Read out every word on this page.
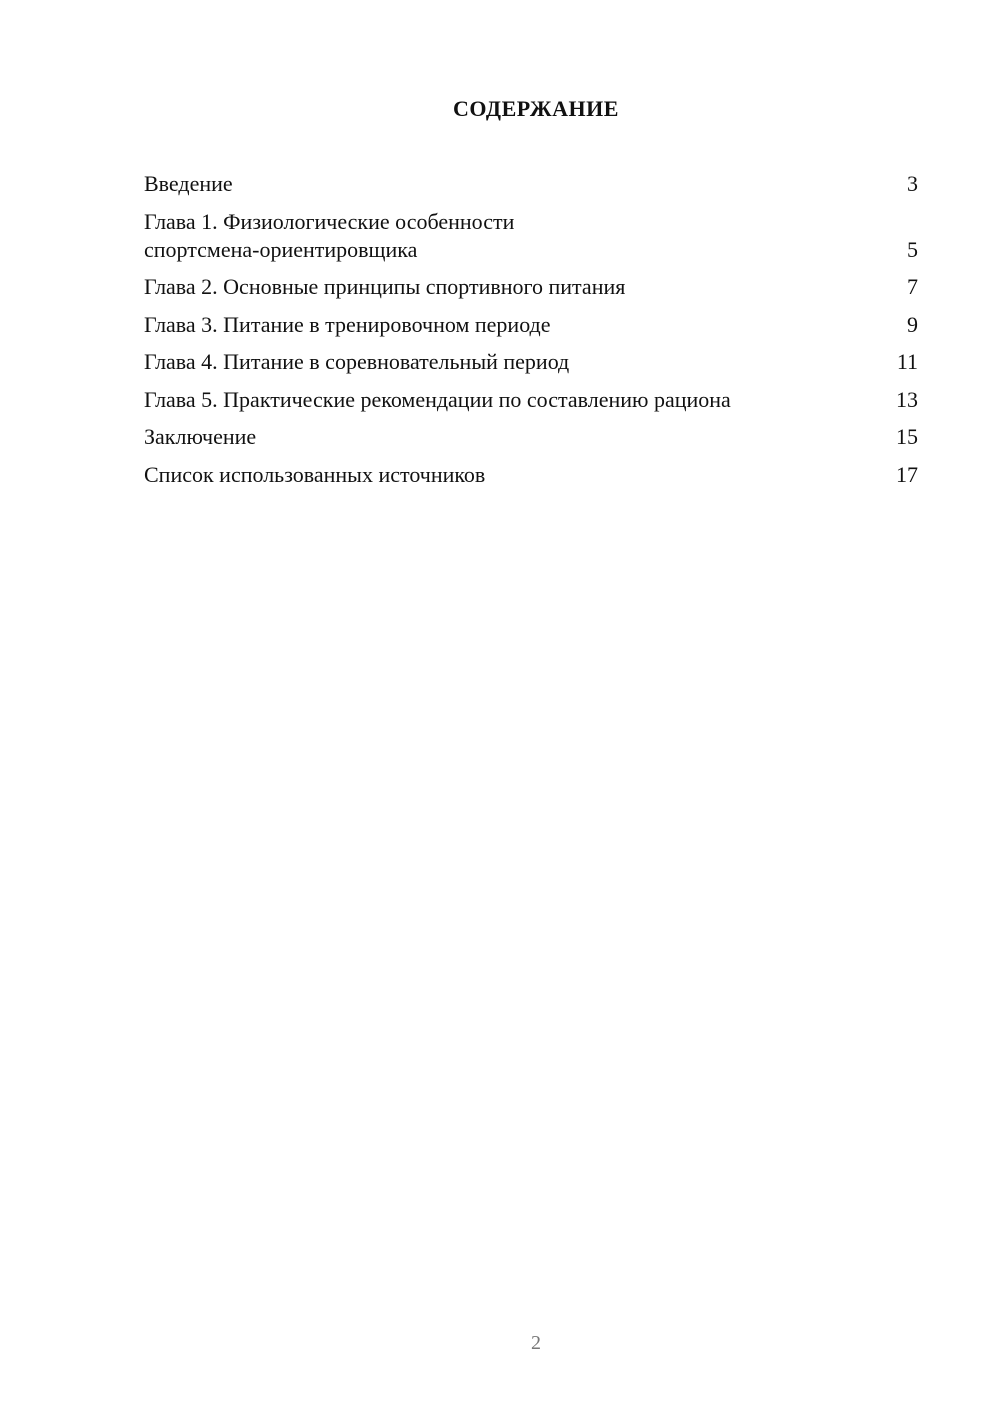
СОДЕРЖАНИЕ
Введение	3
Глава 1. Физиологические особенности спортсмена-ориентировщика	5
Глава 2. Основные принципы спортивного питания	7
Глава 3. Питание в тренировочном периоде	9
Глава 4. Питание в соревновательный период	11
Глава 5. Практические рекомендации по составлению рациона	13
Заключение	15
Список использованных источников	17
2
